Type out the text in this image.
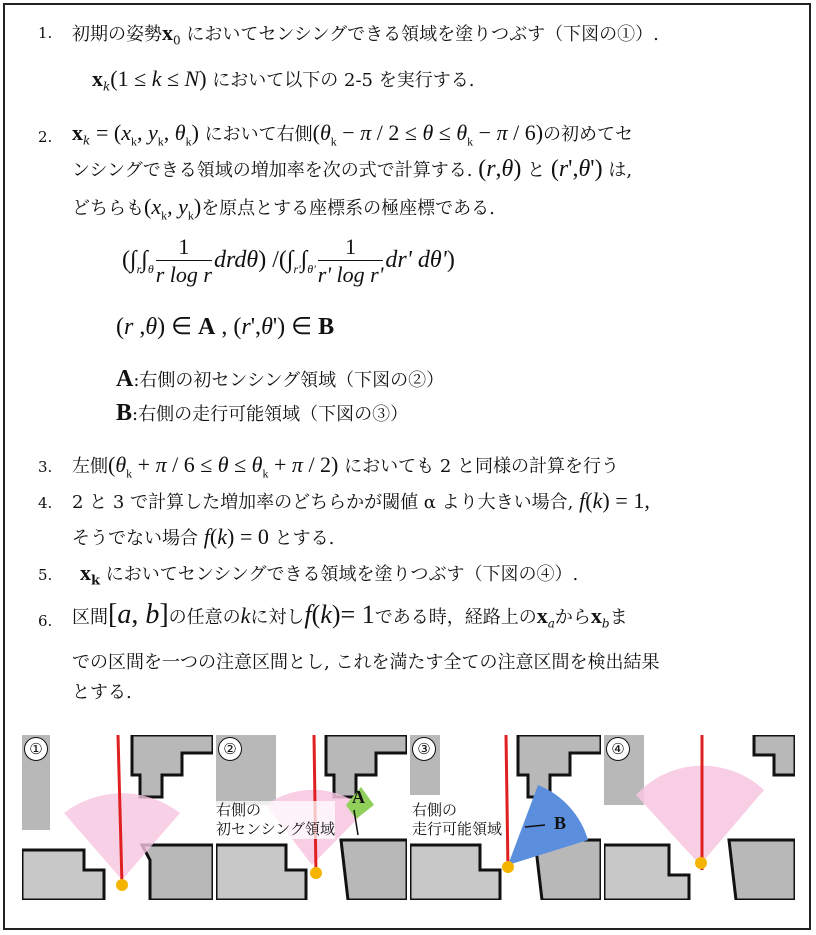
1. 初期の姿勢$x_0$ においてセンシングできる領域を塗りつぶす（下図の①）.
$x_k(1 \le k \le N)$ において以下の 2-5 を実行する.
2. $x_k = (x_k$, $y_k$, $\theta_k$) において右側$(\theta_k - \pi / 2 \le \theta \le \theta_k - \pi / 6)$の初めてセ
ンシングできる領域の増加率を次の式で計算する. (r,θ) と (r',θ') は,
どちらも($x_k$, $y_k$)を原点とする座標系の極座標である.
$(\int_r\int_\theta \frac{1}{\text{r log r}} drd\theta)$ $/(\int_{r'}\int_{\theta'} \frac{1}{\text{r' log r'}} dr'$ dθ')
(r ,θ) ∈ A , (r',θ') ∈ B
A:右側の初センシング領域（下図の②）
B:右側の走行可能領域（下図の③）
3. 左側$(\theta_k + \pi / 6 \le \theta \le \theta_k + \pi / 2)$ においても 2 と同様の計算を行う
4. 2 と 3 で計算した増加率のどちらかが閾値 α より大きい場合, f(k) = 1,
そうでない場合 f(k) = 0 とする.
5. $x_k$ においてセンシングできる領域を塗りつぶす（下図の④）.
6. 区間[a, b]の任意のkに対しf(k)= 1である時，経路上の$x_a$から$x_b$ま
での区間を一つの注意区間とし, これを満たす全ての注意区間を検出結果
とする.
①	②
右側の
初センシング領域
A
③
右側の
走行可能領域	B
④
